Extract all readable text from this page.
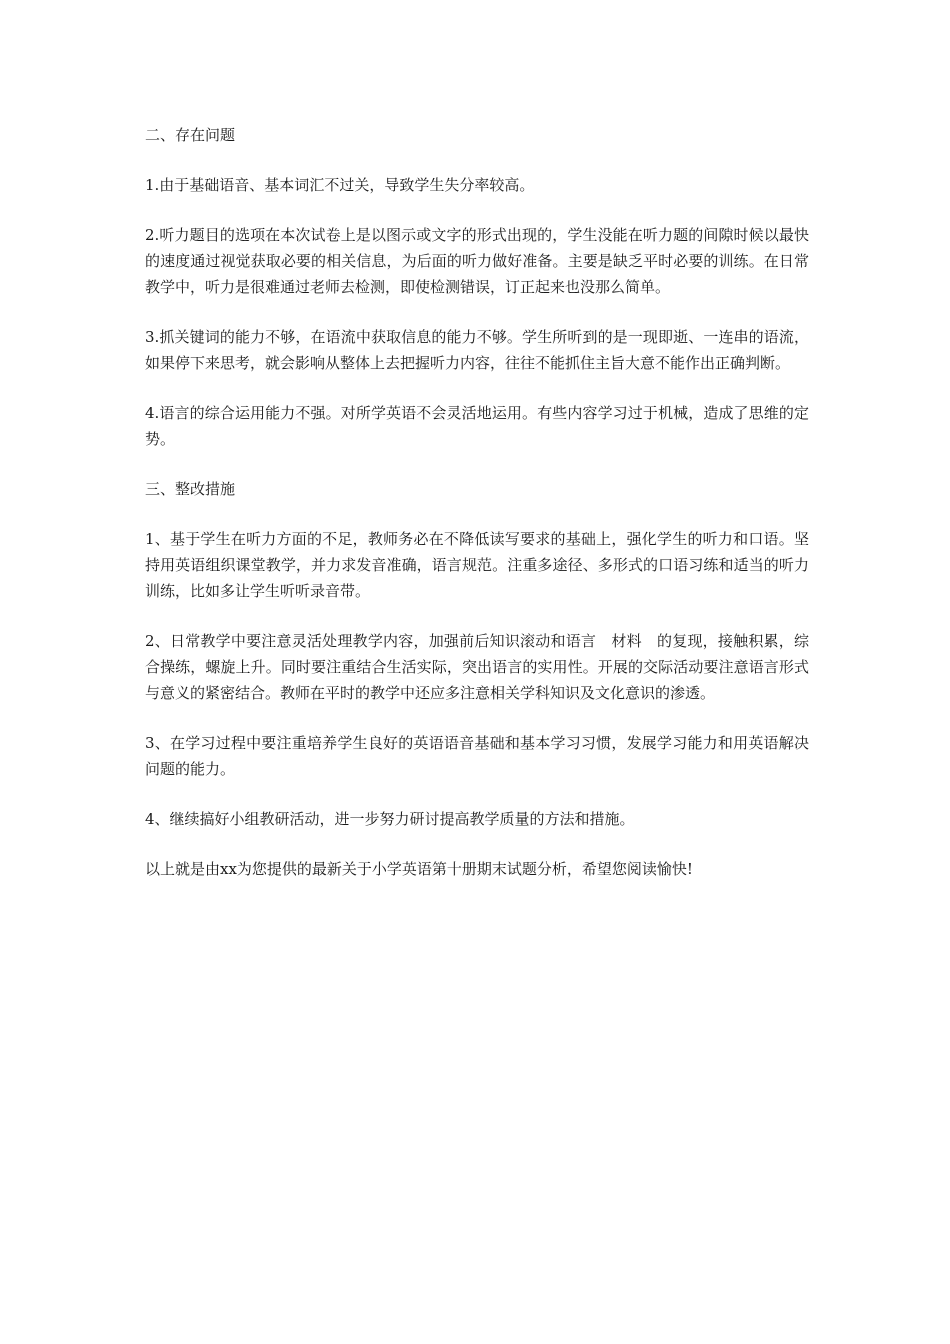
二、存在问题

1.由于基础语音、基本词汇不过关，导致学生失分率较高。

2.听力题目的选项在本次试卷上是以图示或文字的形式出现的，学生没能在听力题的间隙时候以最快的速度通过视觉获取必要的相关信息，为后面的听力做好准备。主要是缺乏平时必要的训练。在日常教学中，听力是很难通过老师去检测，即使检测错误，订正起来也没那么简单。

3.抓关键词的能力不够，在语流中获取信息的能力不够。学生所听到的是一现即逝、一连串的语流，如果停下来思考，就会影响从整体上去把握听力内容，往往不能抓住主旨大意不能作出正确判断。

4.语言的综合运用能力不强。对所学英语不会灵活地运用。有些内容学习过于机械，造成了思维的定势。

三、整改措施

1、基于学生在听力方面的不足，教师务必在不降低读写要求的基础上，强化学生的听力和口语。坚持用英语组织课堂教学，并力求发音准确，语言规范。注重多途径、多形式的口语习练和适当的听力训练，比如多让学生听听录音带。

2、日常教学中要注意灵活处理教学内容，加强前后知识滚动和语言　材料　的复现，接触积累，综合操练，螺旋上升。同时要注重结合生活实际，突出语言的实用性。开展的交际活动要注意语言形式与意义的紧密结合。教师在平时的教学中还应多注意相关学科知识及文化意识的渗透。

3、在学习过程中要注重培养学生良好的英语语音基础和基本学习习惯，发展学习能力和用英语解决问题的能力。

4、继续搞好小组教研活动，进一步努力研讨提高教学质量的方法和措施。

以上就是由xx为您提供的最新关于小学英语第十册期末试题分析，希望您阅读愉快!
